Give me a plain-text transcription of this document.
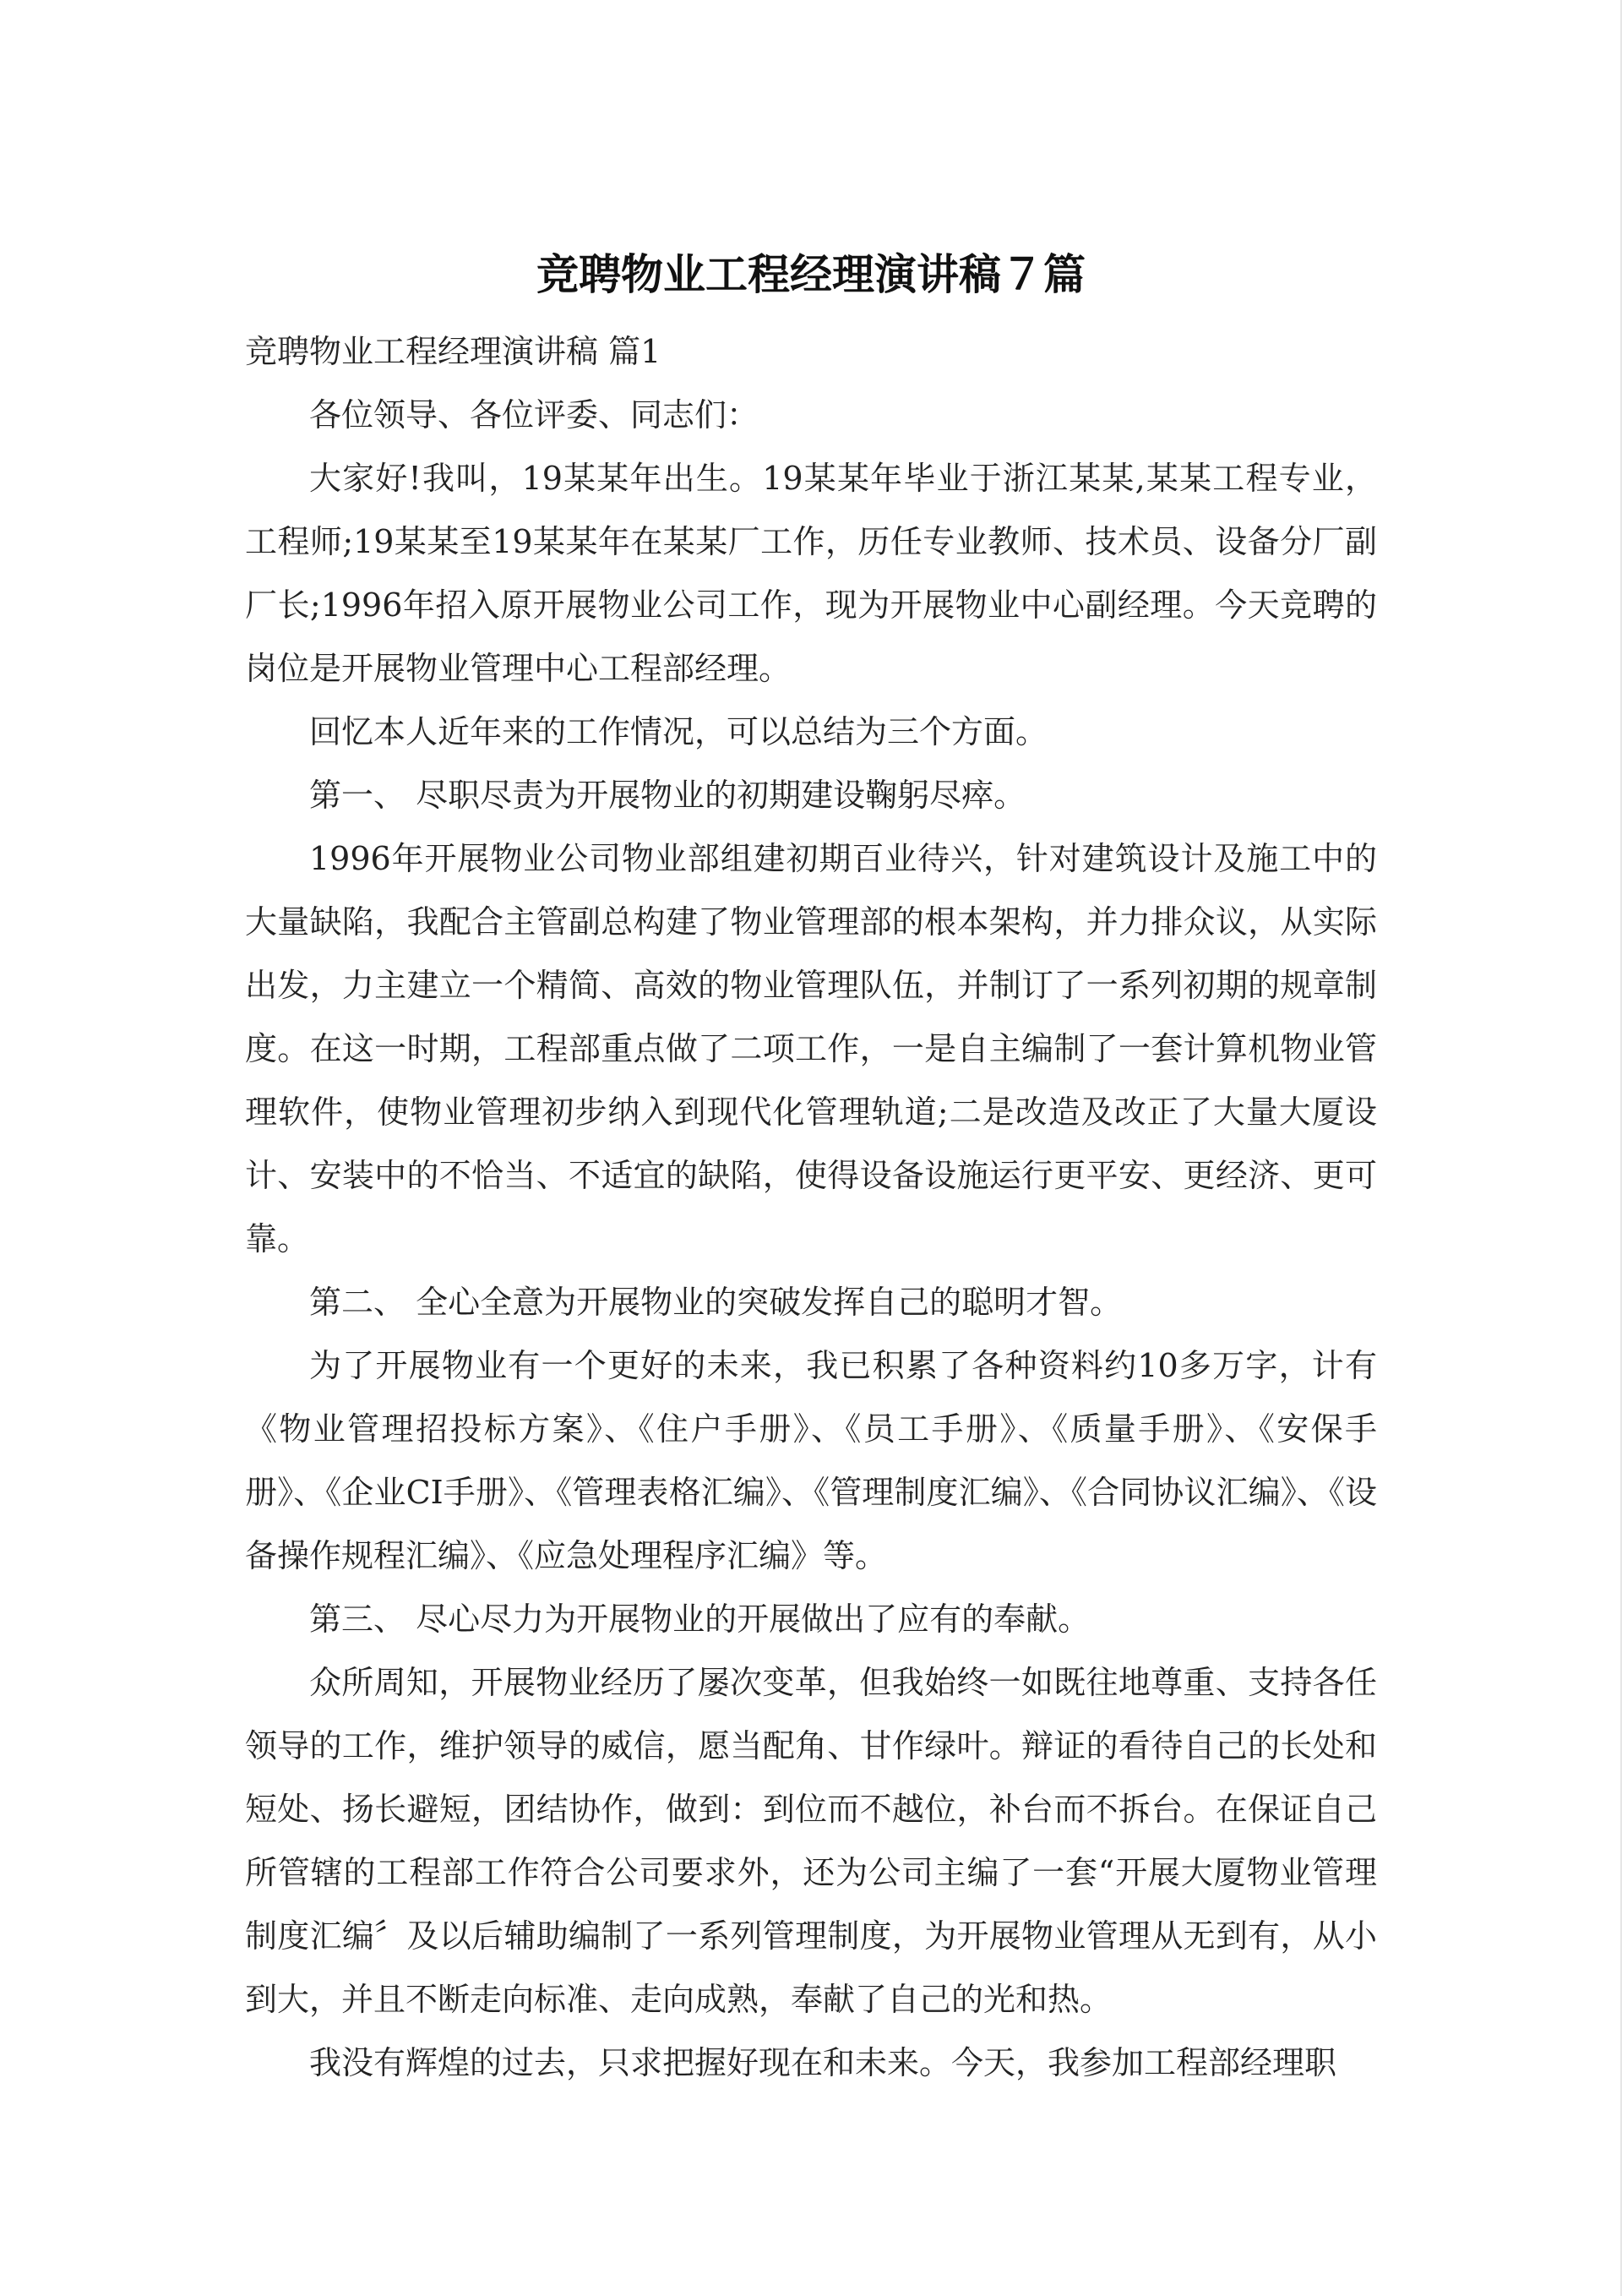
竞聘物业工程经理演讲稿７篇

竞聘物业工程经理演讲稿 篇1

各位领导、各位评委、同志们：

大家好!我叫，19某某年出生。19某某年毕业于浙江某某,某某工程专业，工程师;19某某至19某某年在某某厂工作，历任专业教师、技术员、设备分厂副厂长;1996年招入原开展物业公司工作，现为开展物业中心副经理。今天竞聘的岗位是开展物业管理中心工程部经理。

回忆本人近年来的工作情况，可以总结为三个方面。

第一、 尽职尽责为开展物业的初期建设鞠躬尽瘁。

1996年开展物业公司物业部组建初期百业待兴，针对建筑设计及施工中的大量缺陷，我配合主管副总构建了物业管理部的根本架构，并力排众议，从实际出发，力主建立一个精简、高效的物业管理队伍，并制订了一系列初期的规章制度。在这一时期，工程部重点做了二项工作，一是自主编制了一套计算机物业管理软件，使物业管理初步纳入到现代化管理轨道;二是改造及改正了大量大厦设计、安装中的不恰当、不适宜的缺陷，使得设备设施运行更平安、更经济、更可靠。

第二、 全心全意为开展物业的突破发挥自己的聪明才智。

为了开展物业有一个更好的未来，我已积累了各种资料约10多万字，计有《物业管理招投标方案》、《住户手册》、《员工手册》、《质量手册》、《安保手册》、《企业CI手册》、《管理表格汇编》、《管理制度汇编》、《合同协议汇编》、《设备操作规程汇编》、《应急处理程序汇编》等。

第三、 尽心尽力为开展物业的开展做出了应有的奉献。

众所周知，开展物业经历了屡次变革，但我始终一如既往地尊重、支持各任领导的工作，维护领导的威信，愿当配角、甘作绿叶。辩证的看待自己的长处和短处、扬长避短，团结协作，做到：到位而不越位，补台而不拆台。在保证自己所管辖的工程部工作符合公司要求外，还为公司主编了一套“开展大厦物业管理制度汇编〞及以后辅助编制了一系列管理制度，为开展物业管理从无到有，从小到大，并且不断走向标准、走向成熟，奉献了自己的光和热。

我没有辉煌的过去，只求把握好现在和未来。今天，我参加工程部经理职
